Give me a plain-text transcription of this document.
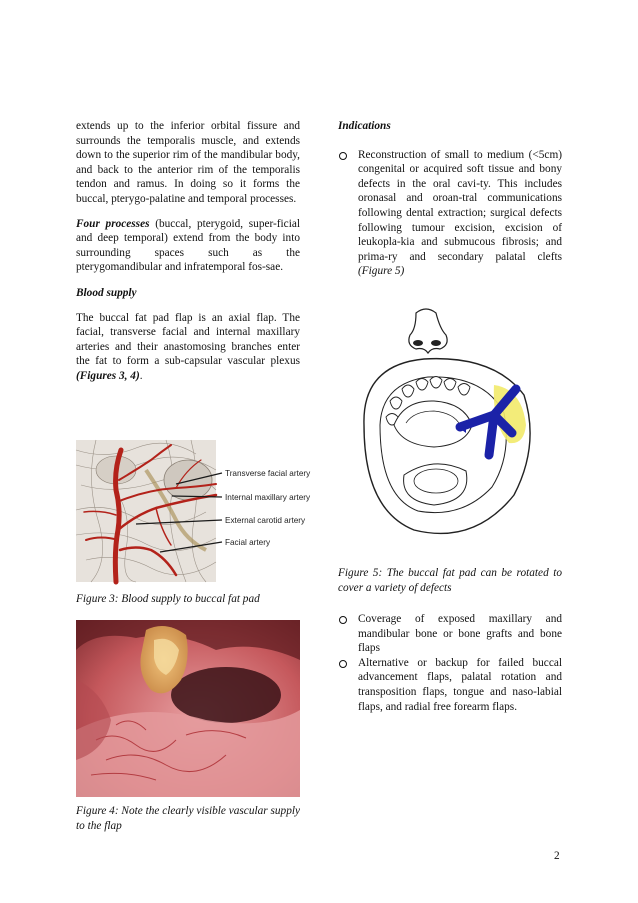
extends up to the inferior orbital fissure and surrounds the temporalis muscle, and extends down to the superior rim of the mandibular body, and back to the anterior rim of the temporalis tendon and ramus. In doing so it forms the buccal, pterygo-palatine and temporal processes.

Four processes (buccal, pterygoid, super-ficial and deep temporal) extend from the body into surrounding spaces such as the pterygomandibular and infratemporal fos-sae.

Blood supply

The buccal fat pad flap is an axial flap. The facial, transverse facial and internal maxillary arteries and their anastomosing branches enter the fat to form a sub-capsular vascular plexus (Figures 3, 4).

Transverse facial artery
Internal maxillary artery
External carotid artery
Facial artery
Figure 3: Blood supply to buccal fat pad
Figure 4: Note the clearly visible vascular supply to the flap

Indications

Reconstruction of small to medium (<5cm) congenital or acquired soft tissue and bony defects in the oral cavi-ty. This includes oronasal and oroan-tral communications following dental extraction; surgical defects following tumour excision, excision of leukopla-kia and submucous fibrosis; and prima-ry and secondary palatal clefts (Figure 5)
Figure 5: The buccal fat pad can be rotated to cover a variety of defects
Coverage of exposed maxillary and mandibular bone or bone grafts and bone flaps
Alternative or backup for failed buccal advancement flaps, palatal rotation and transposition flaps, tongue and naso-labial flaps, and radial free forearm flaps.
2
